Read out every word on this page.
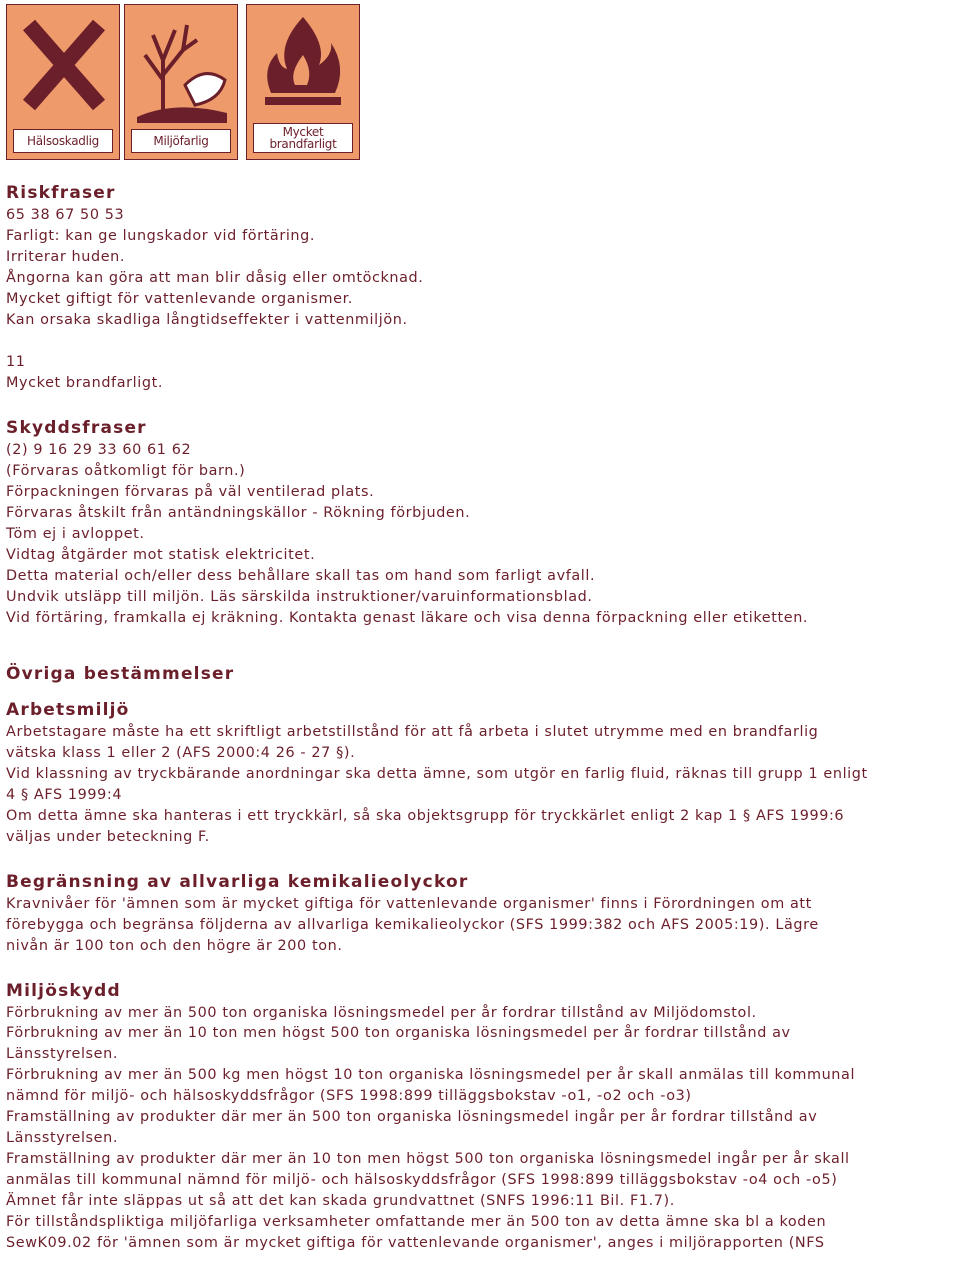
Hälsoskadlig	Miljöfarlig
Mycket
brandfarligt
Riskfraser
65 38 67 50 53
Farligt: kan ge lungskador vid förtäring.
Irriterar huden.
Ångorna kan göra att man blir dåsig eller omtöcknad.
Mycket giftigt för vattenlevande organismer.
Kan orsaka skadliga långtidseffekter i vattenmiljön.
11
Mycket brandfarligt.
Skyddsfraser
(2) 9 16 29 33 60 61 62
(Förvaras oåtkomligt för barn.)
Förpackningen förvaras på väl ventilerad plats.
Förvaras åtskilt från antändningskällor - Rökning förbjuden.
Töm ej i avloppet.
Vidtag åtgärder mot statisk elektricitet.
Detta material och/eller dess behållare skall tas om hand som farligt avfall.
Undvik utsläpp till miljön. Läs särskilda instruktioner/varuinformationsblad.
Vid förtäring, framkalla ej kräkning. Kontakta genast läkare och visa denna förpackning eller etiketten.
Övriga bestämmelser
Arbetsmiljö
Arbetstagare måste ha ett skriftligt arbetstillstånd för att få arbeta i slutet utrymme med en brandfarlig
vätska klass 1 eller 2 (AFS 2000:4 26 - 27 §).
Vid klassning av tryckbärande anordningar ska detta ämne, som utgör en farlig fluid, räknas till grupp 1 enligt
4 § AFS 1999:4
Om detta ämne ska hanteras i ett tryckkärl, så ska objektsgrupp för tryckkärlet enligt 2 kap 1 § AFS 1999:6
väljas under beteckning F.
Begränsning av allvarliga kemikalieolyckor
Kravnivåer för 'ämnen som är mycket giftiga för vattenlevande organismer' finns i Förordningen om att
förebygga och begränsa följderna av allvarliga kemikalieolyckor (SFS 1999:382 och AFS 2005:19). Lägre
nivån är 100 ton och den högre är 200 ton.
Miljöskydd
Förbrukning av mer än 500 ton organiska lösningsmedel per år fordrar tillstånd av Miljödomstol.
Förbrukning av mer än 10 ton men högst 500 ton organiska lösningsmedel per år fordrar tillstånd av
Länsstyrelsen.
Förbrukning av mer än 500 kg men högst 10 ton organiska lösningsmedel per år skall anmälas till kommunal
nämnd för miljö- och hälsoskyddsfrågor (SFS 1998:899 tilläggsbokstav -o1, -o2 och -o3)
Framställning av produkter där mer än 500 ton organiska lösningsmedel ingår per år fordrar tillstånd av
Länsstyrelsen.
Framställning av produkter där mer än 10 ton men högst 500 ton organiska lösningsmedel ingår per år skall
anmälas till kommunal nämnd för miljö- och hälsoskyddsfrågor (SFS 1998:899 tilläggsbokstav -o4 och -o5)
Ämnet får inte släppas ut så att det kan skada grundvattnet (SNFS 1996:11 Bil. F1.7).
För tillståndspliktiga miljöfarliga verksamheter omfattande mer än 500 ton av detta ämne ska bl a koden
SewK09.02 för 'ämnen som är mycket giftiga för vattenlevande organismer', anges i miljörapporten (NFS
